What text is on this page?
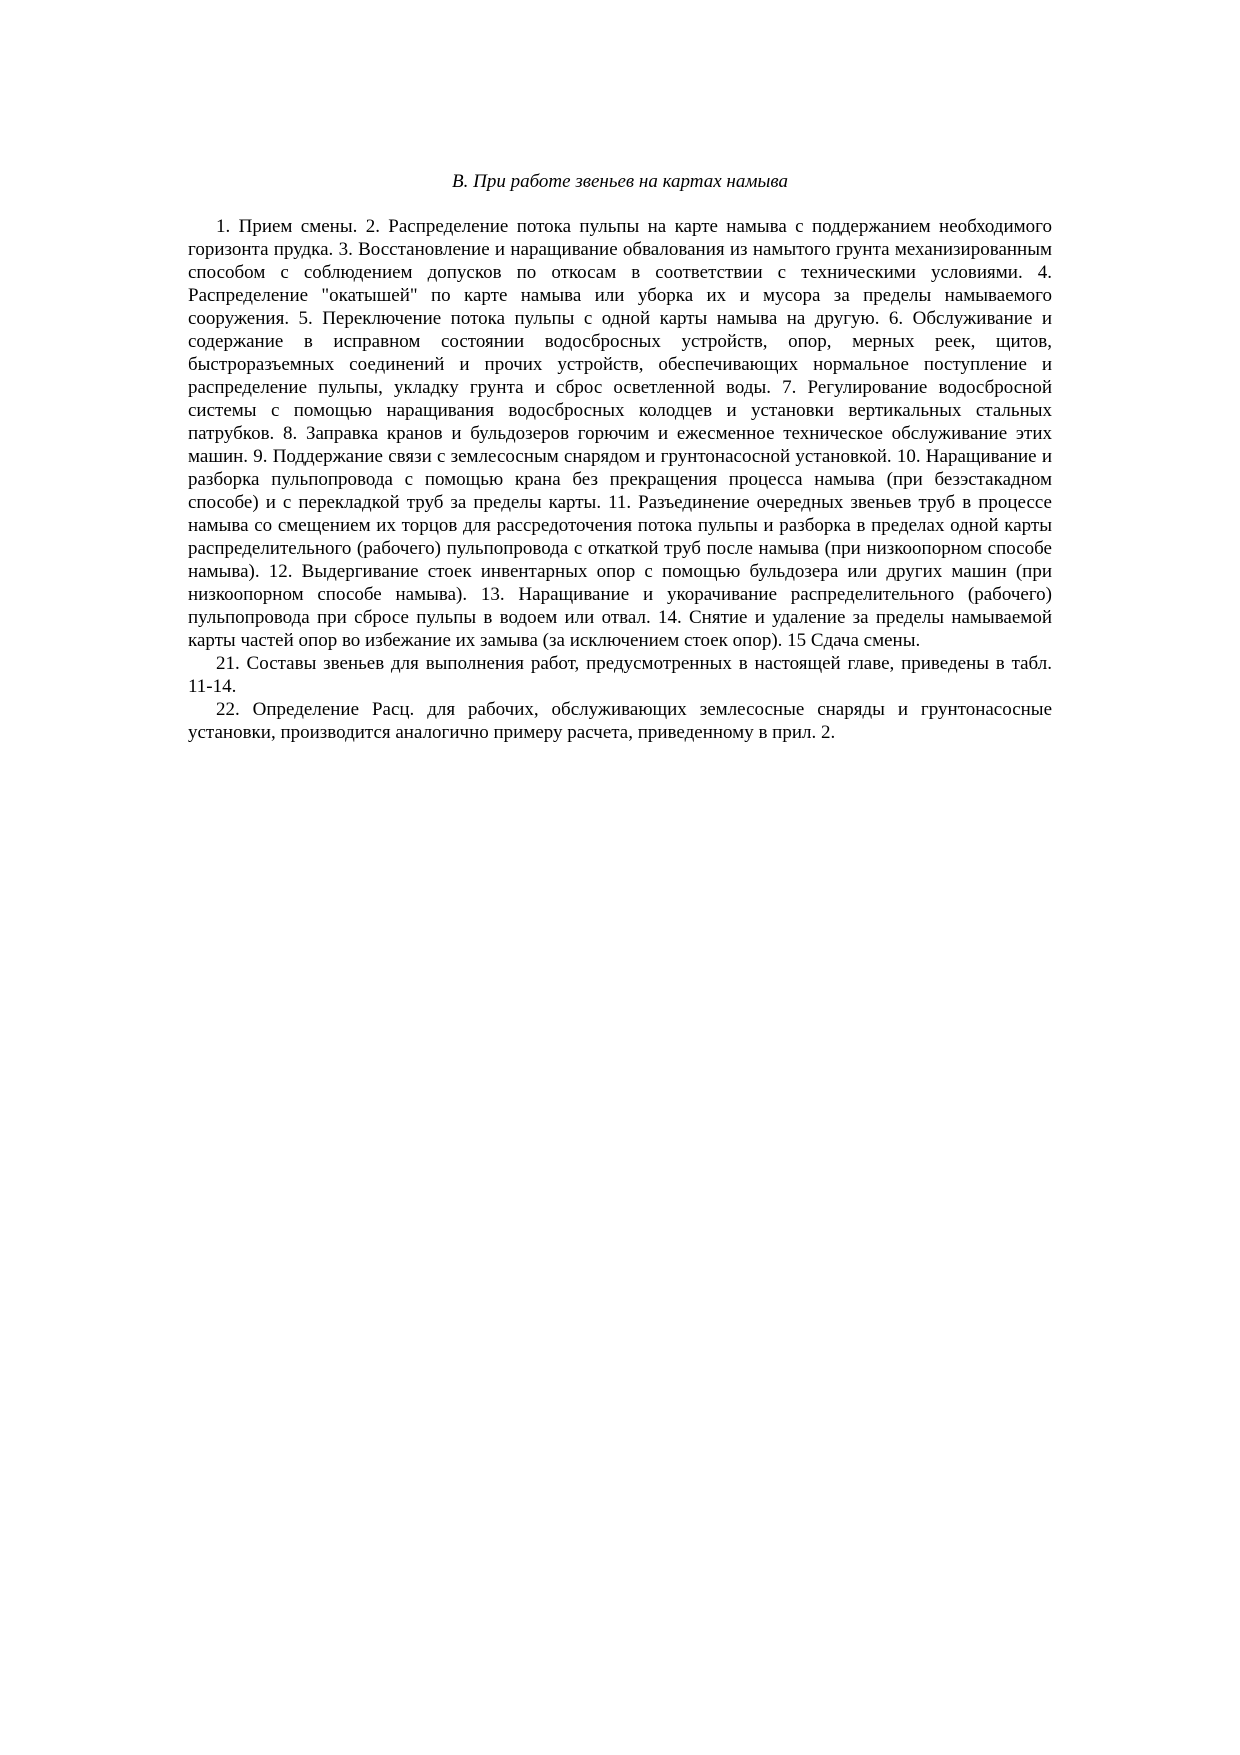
В. При работе звеньев на картах намыва

1. Прием смены. 2. Распределение потока пульпы на карте намыва с поддержанием необходимого горизонта прудка. 3. Восстановление и наращивание обвалования из намытого грунта механизированным способом с соблюдением допусков по откосам в соответствии с техническими условиями. 4. Распределение "окатышей" по карте намыва или уборка их и мусора за пределы намываемого сооружения. 5. Переключение потока пульпы с одной карты намыва на другую. 6. Обслуживание и содержание в исправном состоянии водосбросных устройств, опор, мерных реек, щитов, быстроразъемных соединений и прочих устройств, обеспечивающих нормальное поступление и распределение пульпы, укладку грунта и сброс осветленной воды. 7. Регулирование водосбросной системы с помощью наращивания водосбросных колодцев и установки вертикальных стальных патрубков. 8. Заправка кранов и бульдозеров горючим и ежесменное техническое обслуживание этих машин. 9. Поддержание связи с землесосным снарядом и грунтонасосной установкой. 10. Наращивание и разборка пульпопровода с помощью крана без прекращения процесса намыва (при безэстакадном способе) и с перекладкой труб за пределы карты. 11. Разъединение очередных звеньев труб в процессе намыва со смещением их торцов для рассредоточения потока пульпы и разборка в пределах одной карты распределительного (рабочего) пульпопровода с откаткой труб после намыва (при низкоопорном способе намыва). 12. Выдергивание стоек инвентарных опор с помощью бульдозера или других машин (при низкоопорном способе намыва). 13. Наращивание и укорачивание распределительного (рабочего) пульпопровода при сбросе пульпы в водоем или отвал. 14. Снятие и удаление за пределы намываемой карты частей опор во избежание их замыва (за исключением стоек опор). 15 Сдача смены.

21. Составы звеньев для выполнения работ, предусмотренных в настоящей главе, приведены в табл. 11-14.

22. Определение Расц. для рабочих, обслуживающих землесосные снаряды и грунтонасосные установки, производится аналогично примеру расчета, приведенному в прил. 2.
